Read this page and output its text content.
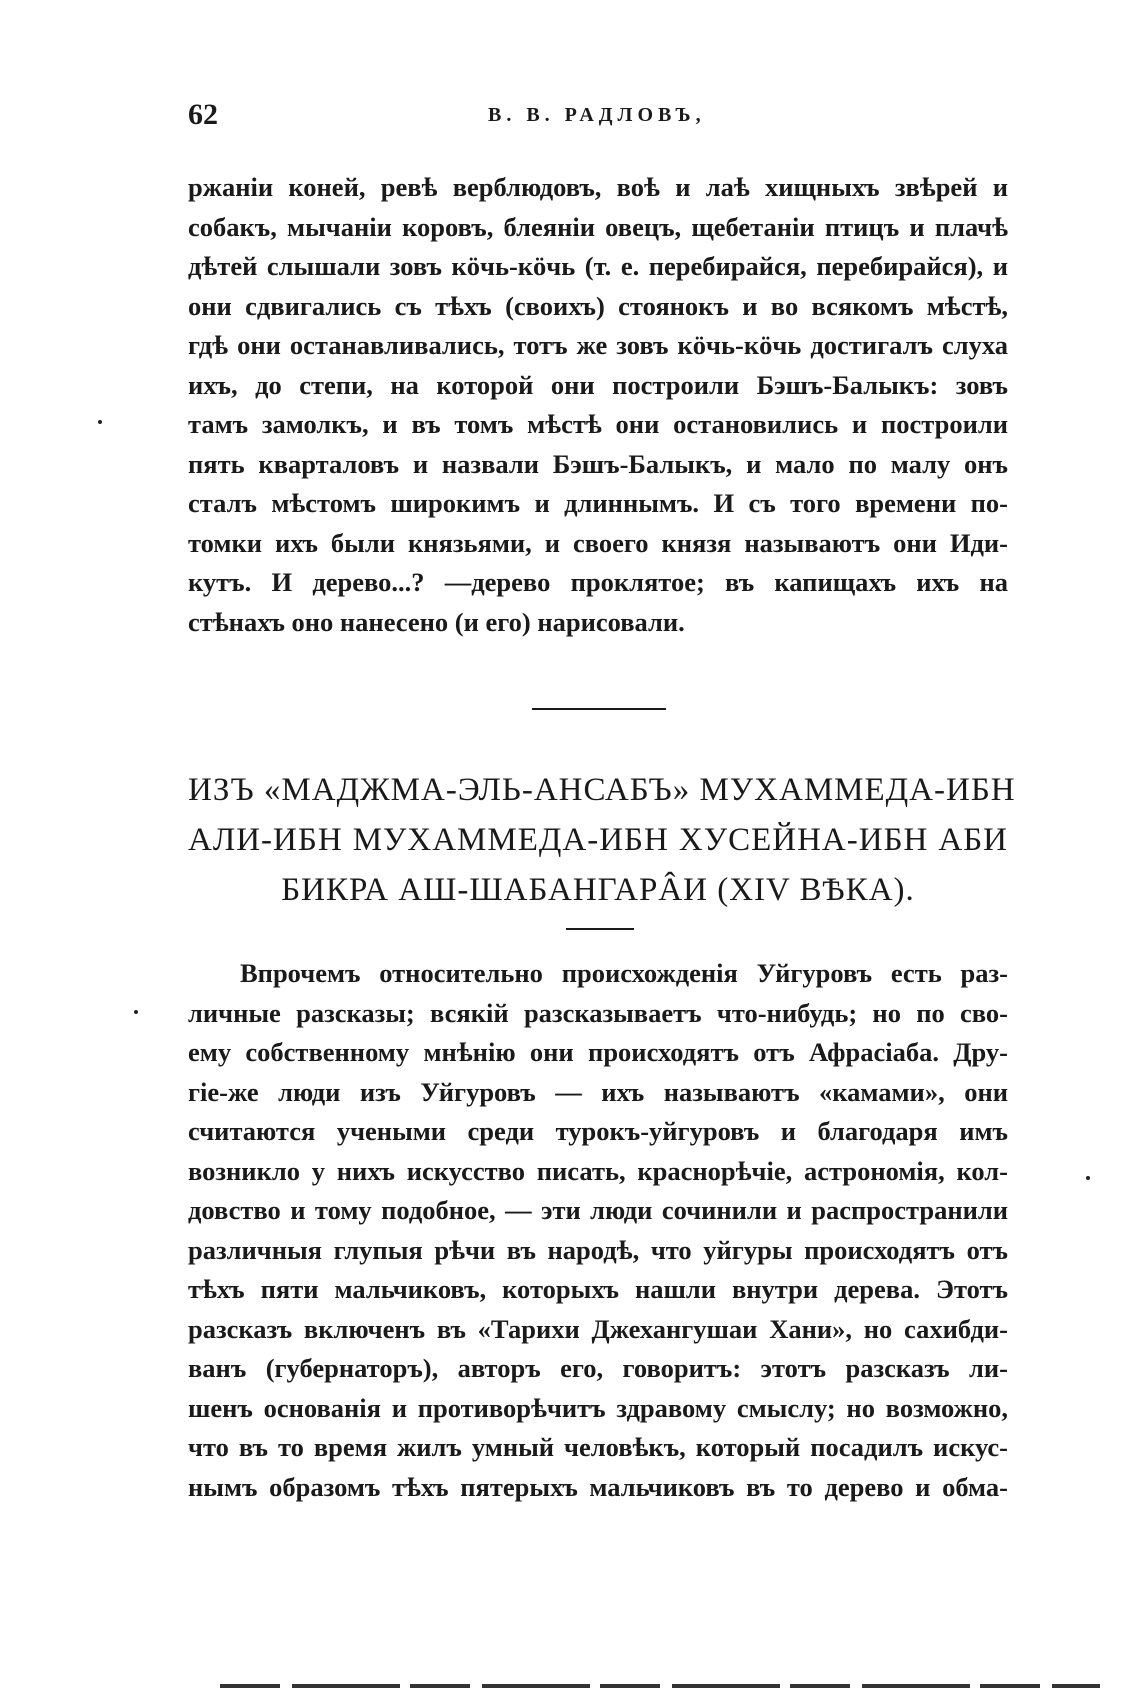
62	В. В. РАДЛОВЪ,

ржаніи коней, ревѣ верблюдовъ, воѣ и лаѣ хищныхъ звѣрей и
собакъ, мычаніи коровъ, блеяніи овецъ, щебетаніи птицъ и плачѣ
дѣтей слышали зовъ кӧчь-кӧчь (т. е. перебирайся, перебирайся), и
они сдвигались съ тѣхъ (своихъ) стоянокъ и во всякомъ мѣстѣ,
гдѣ они останавливались, тотъ же зовъ кӧчь-кӧчь достигалъ слуха
ихъ, до степи, на которой они построили Бэшъ-Балыкъ: зовъ
тамъ замолкъ, и въ томъ мѣстѣ они остановились и построили
пять кварталовъ и назвали Бэшъ-Балыкъ, и мало по малу онъ
сталъ мѣстомъ широкимъ и длиннымъ. И съ того времени по-
томки ихъ были князьями, и своего князя называютъ они Иди-
кутъ. И дерево...? —дерево проклятое; въ капищахъ ихъ на
стѣнахъ оно нанесено (и его) нарисовали.

ИЗЪ «МАДЖМА-ЭЛЬ-АНСАБЪ» МУХАММЕДА-ИБН
АЛИ-ИБН МУХАММЕДА-ИБН ХУСЕЙНА-ИБН АБИ
БИКРА АШ-ШАБАНГАРÂИ (XIV ВѢКА).

Впрочемъ относительно происхожденія Уйгуровъ есть раз-
личные разсказы; всякій разсказываетъ что-нибудь; но по сво-
ему собственному мнѣнію они происходятъ отъ Афрасіаба. Дру-
гіе-же люди изъ Уйгуровъ — ихъ называютъ «камами», они
считаются учеными среди турокъ-уйгуровъ и благодаря имъ
возникло у нихъ искусство писать, краснорѣчіе, астрономія, кол-
довство и тому подобное, — эти люди сочинили и распространили
различныя глупыя рѣчи въ народѣ, что уйгуры происходятъ отъ
тѣхъ пяти мальчиковъ, которыхъ нашли внутри дерева. Этотъ
разсказъ включенъ въ «Тарихи Джехангушаи Хани», но сахибди-
ванъ (губернаторъ), авторъ его, говоритъ: этотъ разсказъ ли-
шенъ основанія и противорѣчитъ здравому смыслу; но возможно,
что въ то время жилъ умный человѣкъ, который посадилъ искус-
нымъ образомъ тѣхъ пятерыхъ мальчиковъ въ то дерево и обма-
